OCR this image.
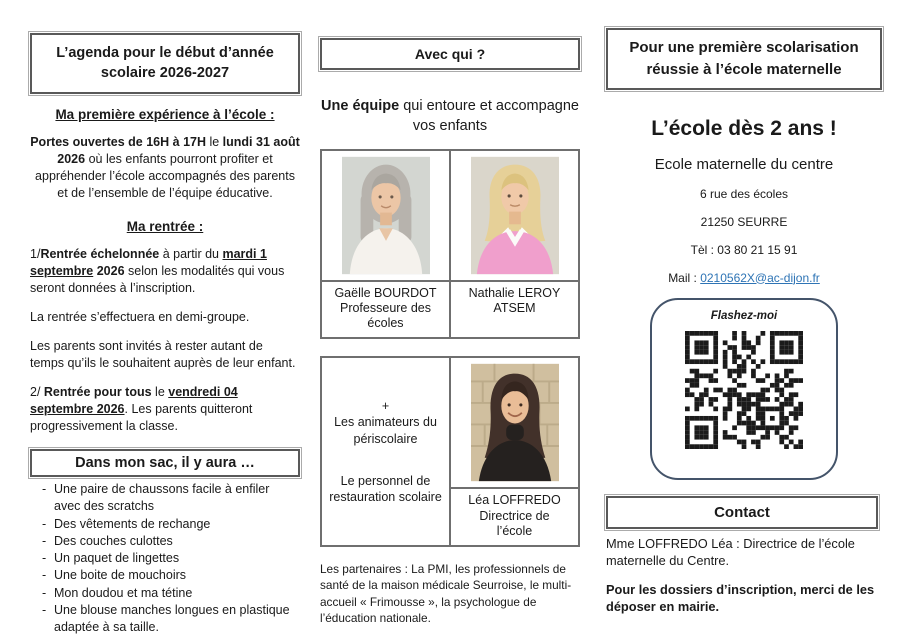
L’agenda pour le début d’année scolaire 2026-2027
Ma première expérience à l’école :

Portes ouvertes de 16H à 17H le lundi 31 août 2026 où les enfants pourront profiter et appréhender l’école accompagnés des parents et de l’ensemble de l’équipe éducative.

Ma rentrée :

1/Rentrée échelonnée à partir du mardi 1 septembre 2026 selon les modalités qui vous seront données à l’inscription.

La rentrée s’effectuera en demi-groupe.

Les parents sont invités à rester autant de temps qu’ils le souhaitent auprès de leur enfant.

2/ Rentrée pour tous le vendredi 04 septembre 2026. Les parents quitteront progressivement la classe.

Dans mon sac, il y aura …
- Une paire de chaussons facile à enfiler avec des scratchs
- Des vêtements de rechange
- Des couches culottes
- Un paquet de lingettes
- Une boite de mouchoirs
- Mon doudou et ma tétine
- Une blouse manches longues en plastique adaptée à sa taille.
Avec qui ?

Une équipe qui entoure et accompagne vos enfants

Gaëlle BOURDOT
Professeure des écoles
Nathalie LEROY
ATSEM
+
Les animateurs du périscolaire
Le personnel de restauration scolaire	Léa LOFFREDO
Directrice de l’école

Les partenaires : La PMI, les professionnels de santé de la maison médicale Seurroise, le multi-accueil « Frimousse », la psychologue de l’éducation nationale.

Pour une première scolarisation réussie à l’école maternelle
L’école dès 2 ans !
Ecole maternelle du centre
6 rue des écoles
21250 SEURRE
Tèl : 03 80 21 15 91
Mail : 0210562X@ac-dijon.fr
Flashez-moi
Contact

Mme LOFFREDO Léa : Directrice de l’école maternelle du Centre.

Pour les dossiers d’inscription, merci de les déposer en mairie.
